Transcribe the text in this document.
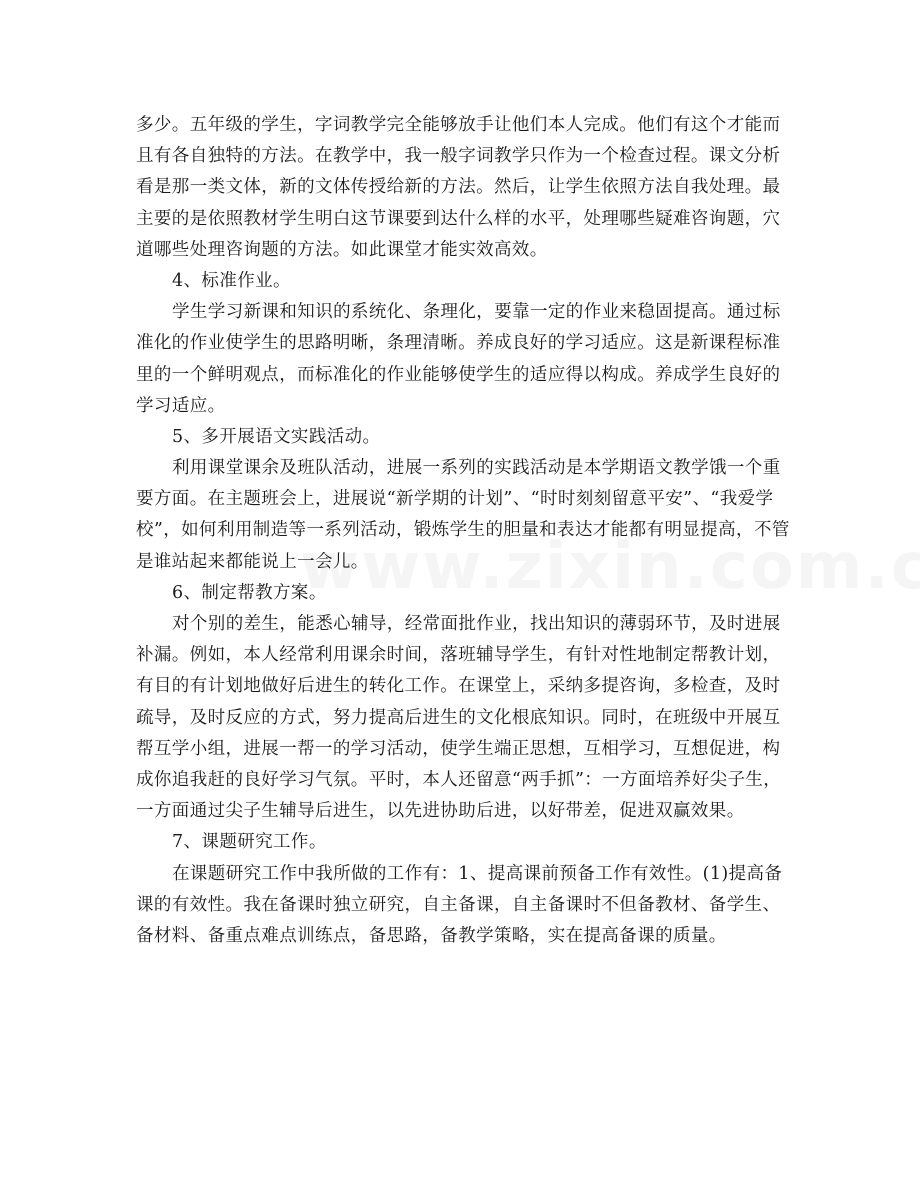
多少。五年级的学生，字词教学完全能够放手让他们本人完成。他们有这个才能而
且有各自独特的方法。在教学中，我一般字词教学只作为一个检查过程。课文分析
看是那一类文体，新的文体传授给新的方法。然后，让学生依照方法自我处理。最
主要的是依照教材学生明白这节课要到达什么样的水平，处理哪些疑难咨询题，穴
道哪些处理咨询题的方法。如此课堂才能实效高效。
4、标准作业。
学生学习新课和知识的系统化、条理化，要靠一定的作业来稳固提高。通过标
准化的作业使学生的思路明晰，条理清晰。养成良好的学习适应。这是新课程标准
里的一个鲜明观点，而标准化的作业能够使学生的适应得以构成。养成学生良好的
学习适应。
5、多开展语文实践活动。
利用课堂课余及班队活动，进展一系列的实践活动是本学期语文教学饿一个重
要方面。在主题班会上，进展说“新学期的计划”、“时时刻刻留意平安”、“我爱学
校”，如何利用制造等一系列活动，锻炼学生的胆量和表达才能都有明显提高，不管
是谁站起来都能说上一会儿。
6、制定帮教方案。
对个别的差生，能悉心辅导，经常面批作业，找出知识的薄弱环节，及时进展
补漏。例如，本人经常利用课余时间，落班辅导学生，有针对性地制定帮教计划，
有目的有计划地做好后进生的转化工作。在课堂上，采纳多提咨询，多检查，及时
疏导，及时反应的方式，努力提高后进生的文化根底知识。同时，在班级中开展互
帮互学小组，进展一帮一的学习活动，使学生端正思想，互相学习，互想促进，构
成你追我赶的良好学习气氛。平时，本人还留意“两手抓”：一方面培养好尖子生，
一方面通过尖子生辅导后进生，以先进协助后进，以好带差，促进双赢效果。
7、课题研究工作。
在课题研究工作中我所做的工作有：1、提高课前预备工作有效性。(1)提高备
课的有效性。我在备课时独立研究，自主备课，自主备课时不但备教材、备学生、
备材料、备重点难点训练点，备思路，备教学策略，实在提高备课的质量。
